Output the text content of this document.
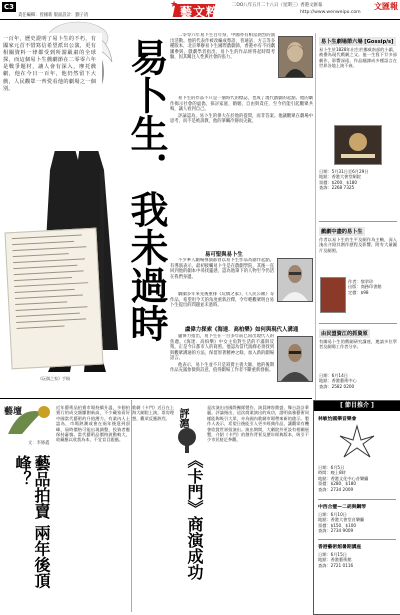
C3
責任編輯：曾國新 版面設計：劉子清
★ 藝文粹	二OO八年五月二十八日（星期三）香港文匯報	文匯報
http://www.wenweipo.com
一百年，歷史證明了易卜生的不朽，有國家元首不惜寫信希望派出公演，更有相關資料一律都受到所謂嚴肅的全球探，而這個易卜生戲劇節在二零零六年是戰爭題材，讓人會有深入，摩托戲劇，他在今日一百年，他仍然留下大戲，人民觀眾一齊愛看他的劇場之一個別。	易卜生．我未過時
《玩偶之家》手稿

二零零六年易卜生百年祭，中國亦有相當熱烈的演出活動。他的代表作被改編成粵語、普通話、方言等多種版本，北京舉辦易卜生國際戲劇節，香港亦有不同劇團參與。戲劇學者指出，易卜生的作品經得起時間考驗，因其關注人性與社會的張力。

易卜生的作品不只是一個時代的標誌，也成了現代戲劇的起點。他的劇作揭示社會的虛偽，探討家庭、婚姻、自由與責任，至今仍能引起觀眾共鳴，讓人看到自己。

評論認為，易卜生的偉大在於他的提問，而非答案。他讓觀眾在劇場中思考，而不是被說教，他的筆觸冷靜而尖銳。

易可聖與易卜生

不少華人劇場導演都曾以易卜生作品為創作起點。有導演表示，最初接觸易卜生是在戲劇學院，其後一直回到他的劇本中尋找靈感，認為他筆下的人物至今仍活在我們身邊。

劇團多年來先後重排《玩偶之家》、《人民公敵》等作品，希望用今天的角度重新詮釋，令年輕觀眾明白易卜生提出的問題並未過時。

盧偉力探索《海達．高柏樂》如何與現代人溝通

盧偉力指出，易卜生在一百多年前已寫出現代人的焦慮。《海達．高柏樂》中女主角對生活的不滿與反叛，正是今日都市人的寫照。他認為當代演繹必須找到與觀眾溝通的方法，保留原著精神之餘，加入新的劇場語言。

他表示，易卜生並不只是寫實主義大師，他的後期作品充滿象徵與詩意，值得劇場工作者不斷重新發掘。

易卜生劇場節六場 [Gossip/s]
易卜生於1828年出生於挪威南部的小鎮，被譽為現代戲劇之父。他一生寫下廿多部劇作，影響深遠，作品翻譯成多種語言在世界各地上演不衰。
日期：5月31日至6月29日
地點：香港大會堂劇院
票價：$200、$180
查詢：2268 7325
戲劇中盡的易卜生
作者以易卜生的生平及劇作為主軸，深入淺出介紹其創作歷程及影響，附有大量圖片及劇照。
作者：黎翠珍
出版：商務印書館
定價：$98
由民盟資江的抓資原
有關易卜生的戲劇研究講座，邀請多位學者及劇場工作者分享。
日期：6月14日
地點：香港藝術中心
查詢：2582 0200
藝壇
文：李修鑫
藝品拍賣 兩年後頂峰？
近年藝術品拍賣市場持續升溫，多個拍賣行的成交額屢創新高，不少藏家看好中國當代藝術的升值潛力。有業內人士認為，市場熱潮或會在兩年後達到頂峰，屆時價格可能出現調整，投資者應保持審慎。當代藝術品價格波動較大，收藏應以欣賞為本，不宜盲目跟風。
歌劇《卡門》近日在上海大劇院上演，票房理想，觀眾反應熱烈。 評滬
《卡門》商演成功
是次演出由國際團隊製作，演員陣容鼎盛，舞台設計華麗。評論指出，這次商業演出的成功，證明高雅藝術同樣能夠吸引大眾，亦為國內歌劇市場帶來新的啟示。製作人表示，希望日後能引入更多經典作品，讓觀眾有機會欣賞世界級演出。演出期間，大劇院外更設有相關展覽，介紹《卡門》的創作背景及歷年經典版本，吸引不少市民駐足參觀。
[ 節目推介 ]
林敏怡國樂音樂會
日期：6月5日
時間：晚上8時
地點：香港文化中心音樂廳
票價：$280、$180
查詢：2734 2009
中西合璧—二胡與鋼琴
日期：6月10日
地點：香港大會堂音樂廳
票價：$150、$100
查詢：2734 9009
香港藝術館暑期講座
日期：6月15日
地點：香港藝術館
查詢：2721 0116
